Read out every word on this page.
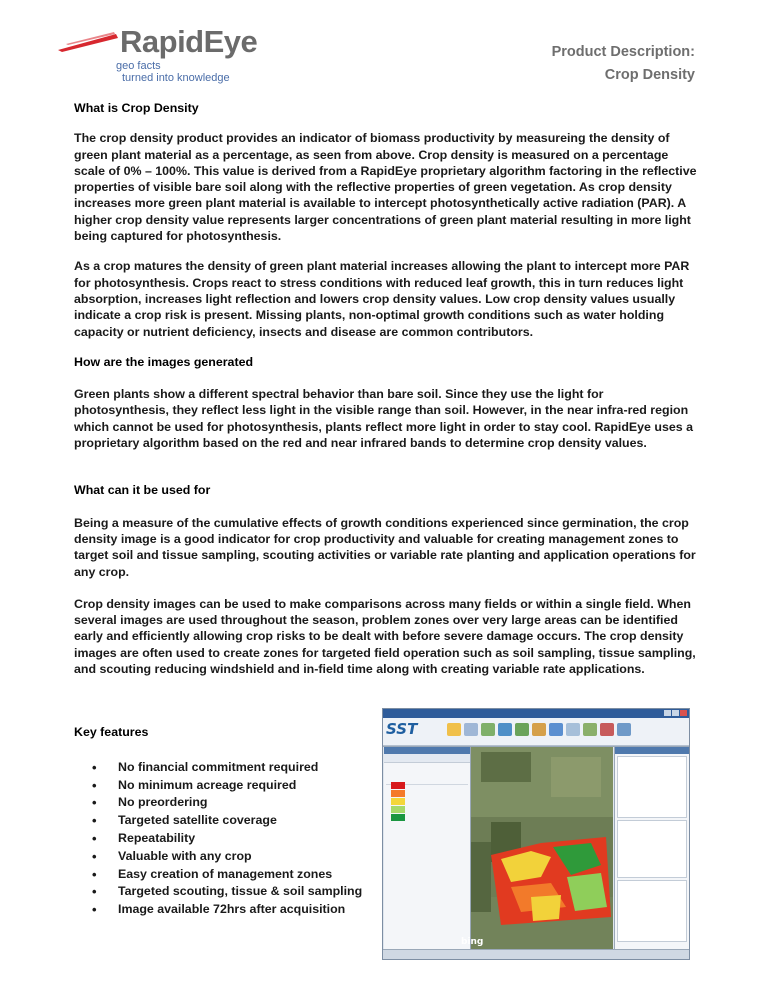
RapidEye
geo facts
turned into knowledge
Product Description:
Crop Density
What is Crop Density

The crop density product provides an indicator of biomass productivity by measureing the density of green plant material as a percentage, as seen from above. Crop density is measured on a percentage scale of 0% – 100%. This value is derived from a RapidEye proprietary algorithm factoring in the reflective properties of visible bare soil along with the reflective properties of green vegetation. As crop density increases more green plant material is available to intercept photosynthetically active radiation (PAR). A higher crop density value represents larger concentrations of green plant material resulting in more light being captured for photosynthesis.

As a crop matures the density of green plant material increases allowing the plant to intercept more PAR for photosynthesis. Crops react to stress conditions with reduced leaf growth, this in turn reduces light absorption, increases light reflection and lowers crop density values. Low crop density values usually indicate a crop risk is present. Missing plants, non-optimal growth conditions such as water holding capacity or nutrient deficiency, insects and disease are common contributors.

How are the images generated

Green plants show a different spectral behavior than bare soil. Since they use the light for photosynthesis, they reflect less light in the visible range than soil. However, in the near infra-red region which cannot be used for photosynthesis, plants reflect more light in order to stay cool. RapidEye uses a proprietary algorithm based on the red and near infrared bands to determine crop density values.

What can it be used for

Being a measure of the cumulative effects of growth conditions experienced since germination, the crop density image is a good indicator for crop productivity and valuable for creating management zones to target soil and tissue sampling, scouting activities or variable rate planting and application operations for any crop.

Crop density images can be used to make comparisons across many fields or within a single field. When several images are used throughout the season, problem zones over very large areas can be identified early and efficiently allowing crop risks to be dealt with before severe damage occurs. The crop density images are often used to create zones for targeted field operation such as soil sampling, tissue sampling, and scouting reducing windshield and in-field time along with creating variable rate applications.

Key features
• No financial commitment required
• No minimum acreage required
• No preordering
• Targeted satellite coverage
• Repeatability
• Valuable with any crop
• Easy creation of management zones
• Targeted scouting, tissue & soil sampling
• Image available 72hrs after acquisition
SST
bing
